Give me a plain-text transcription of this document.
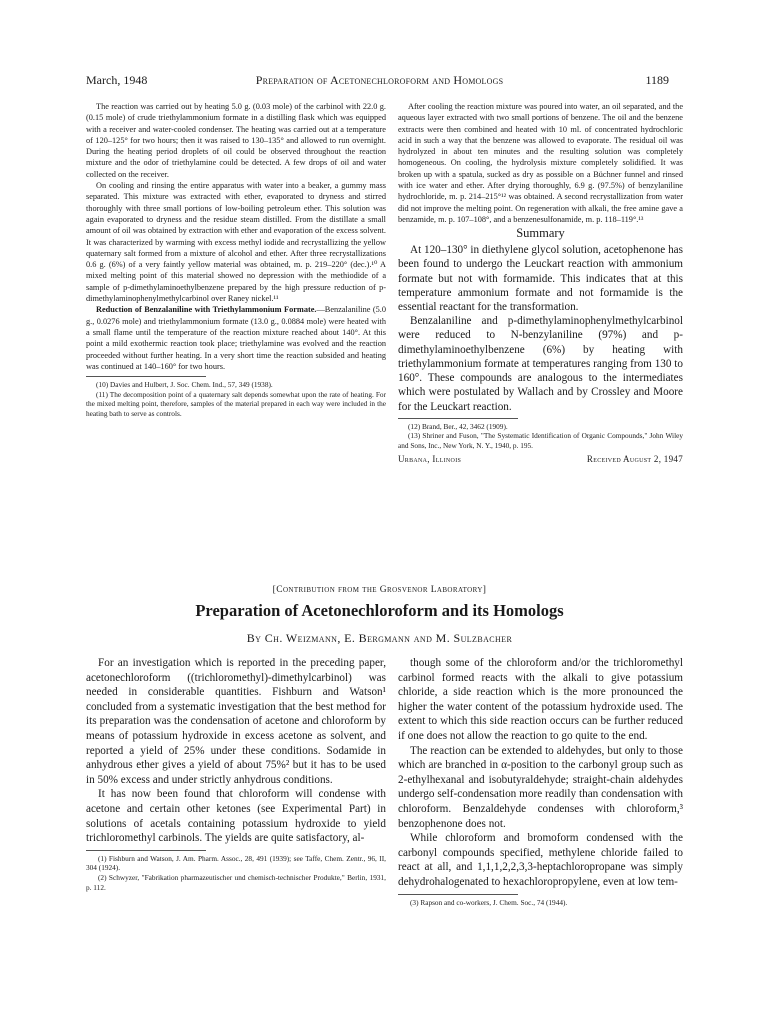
March, 1948	Preparation of Acetonechloroform and Homologs	1189

The reaction was carried out by heating 5.0 g. (0.03 mole) of the carbinol with 22.0 g. (0.15 mole) of crude triethylammonium formate in a distilling flask which was equipped with a receiver and water-cooled condenser. The heating was carried out at a temperature of 120–125° for two hours; then it was raised to 130–135° and allowed to run overnight. During the heating period droplets of oil could be observed throughout the reaction mixture and the odor of triethylamine could be detected. A few drops of oil and water collected on the receiver.

On cooling and rinsing the entire apparatus with water into a beaker, a gummy mass separated. This mixture was extracted with ether, evaporated to dryness and stirred thoroughly with three small portions of low-boiling petroleum ether. This solution was again evaporated to dryness and the residue steam distilled. From the distillate a small amount of oil was obtained by extraction with ether and evaporation of the excess solvent. It was characterized by warming with excess methyl iodide and recrystallizing the yellow quaternary salt formed from a mixture of alcohol and ether. After three recrystallizations 0.6 g. (6%) of a very faintly yellow material was obtained, m. p. 219–220° (dec.).¹⁰ A mixed melting point of this material showed no depression with the methiodide of a sample of p-dimethylaminoethylbenzene prepared by the high pressure reduction of p-dimethylaminophenylmethylcarbinol over Raney nickel.¹¹

Reduction of Benzalaniline with Triethylammonium Formate.—Benzalaniline (5.0 g., 0.0276 mole) and triethylammonium formate (13.0 g., 0.0884 mole) were heated with a small flame until the temperature of the reaction mixture reached about 140°. At this point a mild exothermic reaction took place; triethylamine was evolved and the reaction proceeded without further heating. In a very short time the reaction subsided and heating was continued at 140–160° for two hours.

(10) Davies and Hulbert, J. Soc. Chem. Ind., 57, 349 (1938).

(11) The decomposition point of a quaternary salt depends somewhat upon the rate of heating. For the mixed melting point, therefore, samples of the material prepared in each way were included in the heating bath to serve as controls.

After cooling the reaction mixture was poured into water, an oil separated, and the aqueous layer extracted with two small portions of benzene. The oil and the benzene extracts were then combined and heated with 10 ml. of concentrated hydrochloric acid in such a way that the benzene was allowed to evaporate. The residual oil was hydrolyzed in about ten minutes and the resulting solution was completely homogeneous. On cooling, the hydrolysis mixture completely solidified. It was broken up with a spatula, sucked as dry as possible on a Büchner funnel and rinsed with ice water and ether. After drying thoroughly, 6.9 g. (97.5%) of benzylaniline hydrochloride, m. p. 214–215°¹² was obtained. A second recrystallization from water did not improve the melting point. On regeneration with alkali, the free amine gave a benzamide, m. p. 107–108°, and a benzenesulfonamide, m. p. 118–119°.¹³

Summary

At 120–130° in diethylene glycol solution, acetophenone has been found to undergo the Leuckart reaction with ammonium formate but not with formamide. This indicates that at this temperature ammonium formate and not formamide is the essential reactant for the transformation.

Benzalaniline and p-dimethylaminophenylmethylcarbinol were reduced to N-benzylaniline (97%) and p-dimethylaminoethylbenzene (6%) by heating with triethylammonium formate at temperatures ranging from 130 to 160°. These compounds are analogous to the intermediates which were postulated by Wallach and by Crossley and Moore for the Leuckart reaction.

(12) Brand, Ber., 42, 3462 (1909).

(13) Shriner and Fuson, "The Systematic Identification of Organic Compounds," John Wiley and Sons, Inc., New York, N. Y., 1940, p. 195.

Urbana, Illinois	Received August 2, 1947
[Contribution from the Grosvenor Laboratory]
Preparation of Acetonechloroform and its Homologs
By Ch. Weizmann, E. Bergmann and M. Sulzbacher

For an investigation which is reported in the preceding paper, acetonechloroform ((trichloromethyl)-dimethylcarbinol) was needed in considerable quantities. Fishburn and Watson¹ concluded from a systematic investigation that the best method for its preparation was the condensation of acetone and chloroform by means of potassium hydroxide in excess acetone as solvent, and reported a yield of 25% under these conditions. Sodamide in anhydrous ether gives a yield of about 75%² but it has to be used in 50% excess and under strictly anhydrous conditions.

It has now been found that chloroform will condense with acetone and certain other ketones (see Experimental Part) in solutions of acetals containing potassium hydroxide to yield trichloromethyl carbinols. The yields are quite satisfactory, al-

(1) Fishburn and Watson, J. Am. Pharm. Assoc., 28, 491 (1939); see Taffe, Chem. Zentr., 96, II, 304 (1924).

(2) Schwyzer, "Fabrikation pharmazeutischer und chemisch-technischer Produkte," Berlin, 1931, p. 112.

though some of the chloroform and/or the trichloromethyl carbinol formed reacts with the alkali to give potassium chloride, a side reaction which is the more pronounced the higher the water content of the potassium hydroxide used. The extent to which this side reaction occurs can be further reduced if one does not allow the reaction to go quite to the end.

The reaction can be extended to aldehydes, but only to those which are branched in α-position to the carbonyl group such as 2-ethylhexanal and isobutyraldehyde; straight-chain aldehydes undergo self-condensation more readily than condensation with chloroform. Benzaldehyde condenses with chloroform,³ benzophenone does not.

While chloroform and bromoform condensed with the carbonyl compounds specified, methylene chloride failed to react at all, and 1,1,1,2,2,3,3-heptachloropropane was simply dehydrohalogenated to hexachloropropylene, even at low tem-

(3) Rapson and co-workers, J. Chem. Soc., 74 (1944).
